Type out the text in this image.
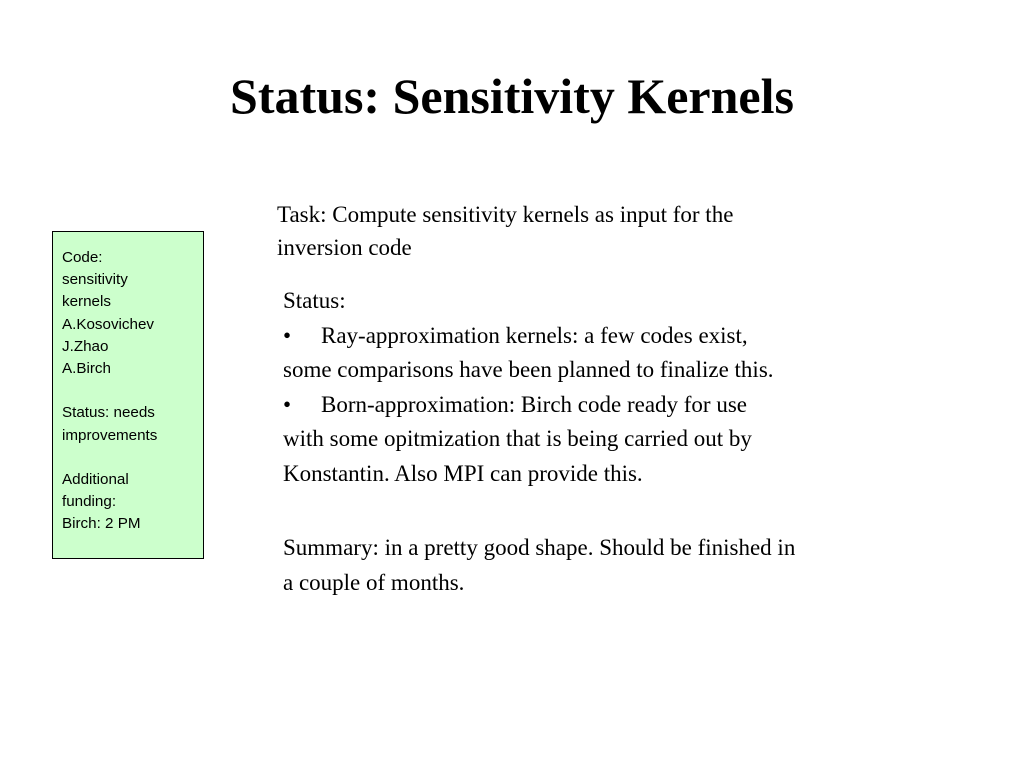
Status: Sensitivity Kernels
Code:
sensitivity
kernels
A.Kosovichev
J.Zhao
A.Birch
Status: needs
improvements
Additional
funding:
Birch: 2 PM
Task: Compute sensitivity kernels as input for the
inversion code
Status:
• Ray-approximation kernels: a few codes exist,
some comparisons have been planned to finalize this.
• Born-approximation: Birch code ready for use
with some opitmization that is being carried out by
Konstantin. Also MPI can provide this.
Summary: in a pretty good shape. Should be finished in
a couple of months.
